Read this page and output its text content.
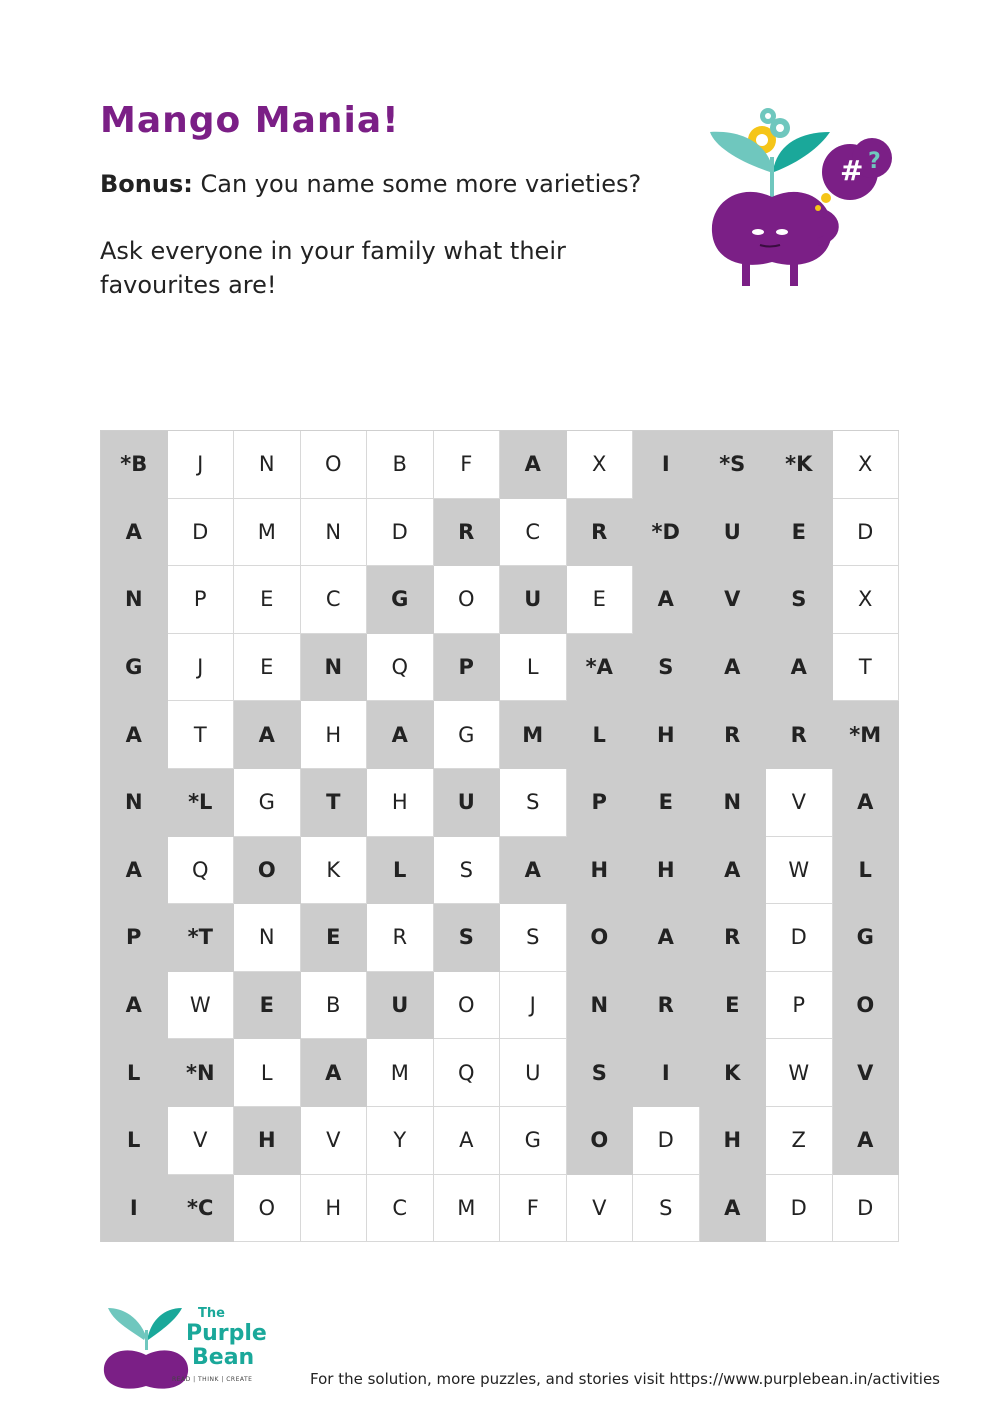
Mango Mania!
Bonus: Can you name some more varieties?
Ask everyone in your family what their favourites are!
# ?
*B	J	N	O	B	F	A	X	I	*S	*K	X
A	D	M	N	D	R	C	R	*D	U	E	D
N	P	E	C	G	O	U	E	A	V	S	X
G	J	E	N	Q	P	L	*A	S	A	A	T
A	T	A	H	A	G	M	L	H	R	R	*M
N	*L	G	T	H	U	S	P	E	N	V	A
A	Q	O	K	L	S	A	H	H	A	W	L
P	*T	N	E	R	S	S	O	A	R	D	G
A	W	E	B	U	O	J	N	R	E	P	O
L	*N	L	A	M	Q	U	S	I	K	W	V
L	V	H	V	Y	A	G	O	D	H	Z	A
I	*C	O	H	C	M	F	V	S	A	D	D
The
Purple
Bean
READ | THINK | CREATE	For the solution, more puzzles, and stories visit https://www.purplebean.in/activities
